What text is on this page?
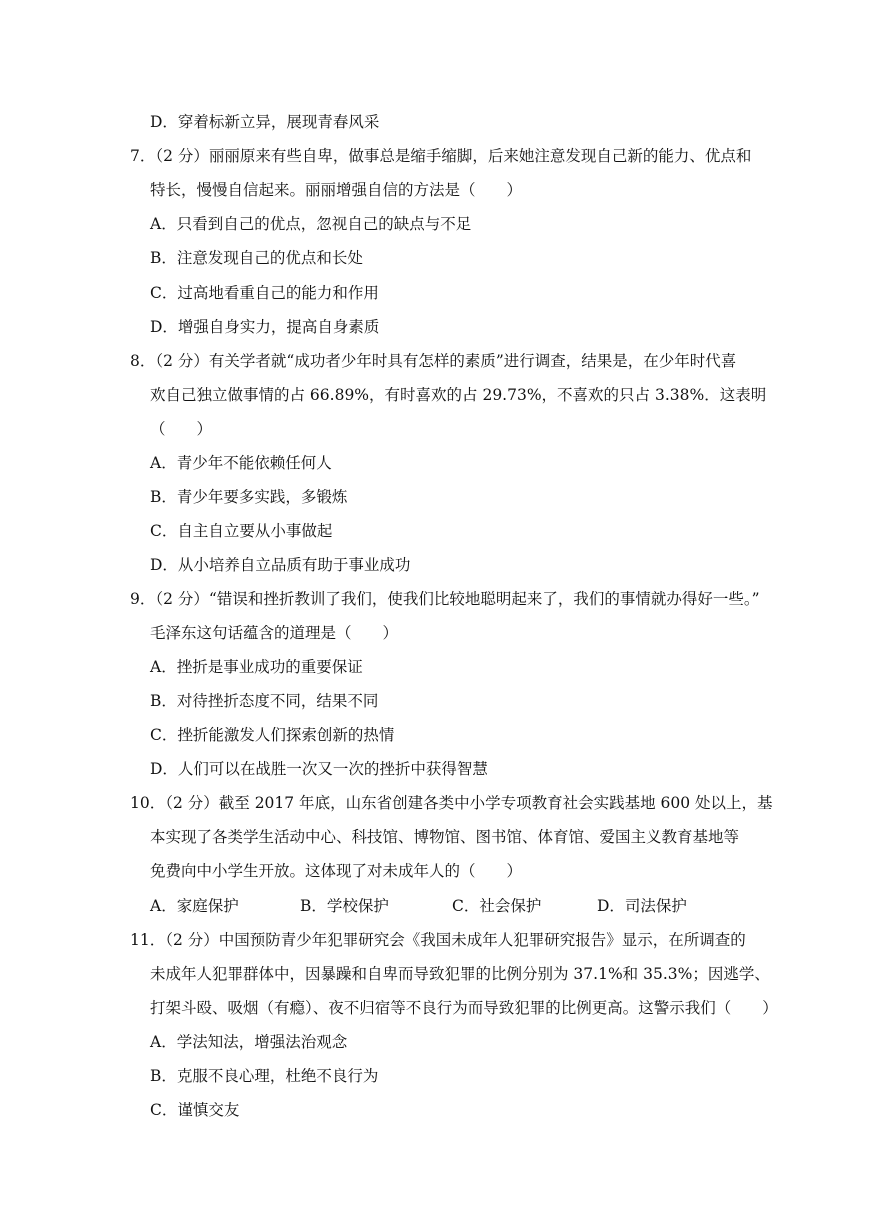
D．穿着标新立异，展现青春风采
7．（2 分）丽丽原来有些自卑，做事总是缩手缩脚，后来她注意发现自己新的能力、优点和
特长，慢慢自信起来。丽丽增强自信的方法是（　　）
A．只看到自己的优点，忽视自己的缺点与不足
B．注意发现自己的优点和长处
C．过高地看重自己的能力和作用
D．增强自身实力，提高自身素质
8．（2 分）有关学者就“成功者少年时具有怎样的素质”进行调查，结果是，在少年时代喜
欢自己独立做事情的占 66.89%，有时喜欢的占 29.73%，不喜欢的只占 3.38%．这表明
（　　）
A．青少年不能依赖任何人
B．青少年要多实践，多锻炼
C．自主自立要从小事做起
D．从小培养自立品质有助于事业成功
9．（2 分）“错误和挫折教训了我们，使我们比较地聪明起来了，我们的事情就办得好一些。”
毛泽东这句话蕴含的道理是（　　）
A．挫折是事业成功的重要保证
B．对待挫折态度不同，结果不同
C．挫折能激发人们探索创新的热情
D．人们可以在战胜一次又一次的挫折中获得智慧
10．（2 分）截至 2017 年底，山东省创建各类中小学专项教育社会实践基地 600 处以上，基
本实现了各类学生活动中心、科技馆、博物馆、图书馆、体育馆、爱国主义教育基地等
免费向中小学生开放。这体现了对未成年人的（　　）
A．家庭保护	B．学校保护	C．社会保护	D．司法保护
11．（2 分）中国预防青少年犯罪研究会《我国未成年人犯罪研究报告》显示，在所调查的
未成年人犯罪群体中，因暴躁和自卑而导致犯罪的比例分别为 37.1%和 35.3%；因逃学、
打架斗殴、吸烟（有瘾）、夜不归宿等不良行为而导致犯罪的比例更高。这警示我们（　　）
A．学法知法，增强法治观念
B．克服不良心理，杜绝不良行为
C．谨慎交友
